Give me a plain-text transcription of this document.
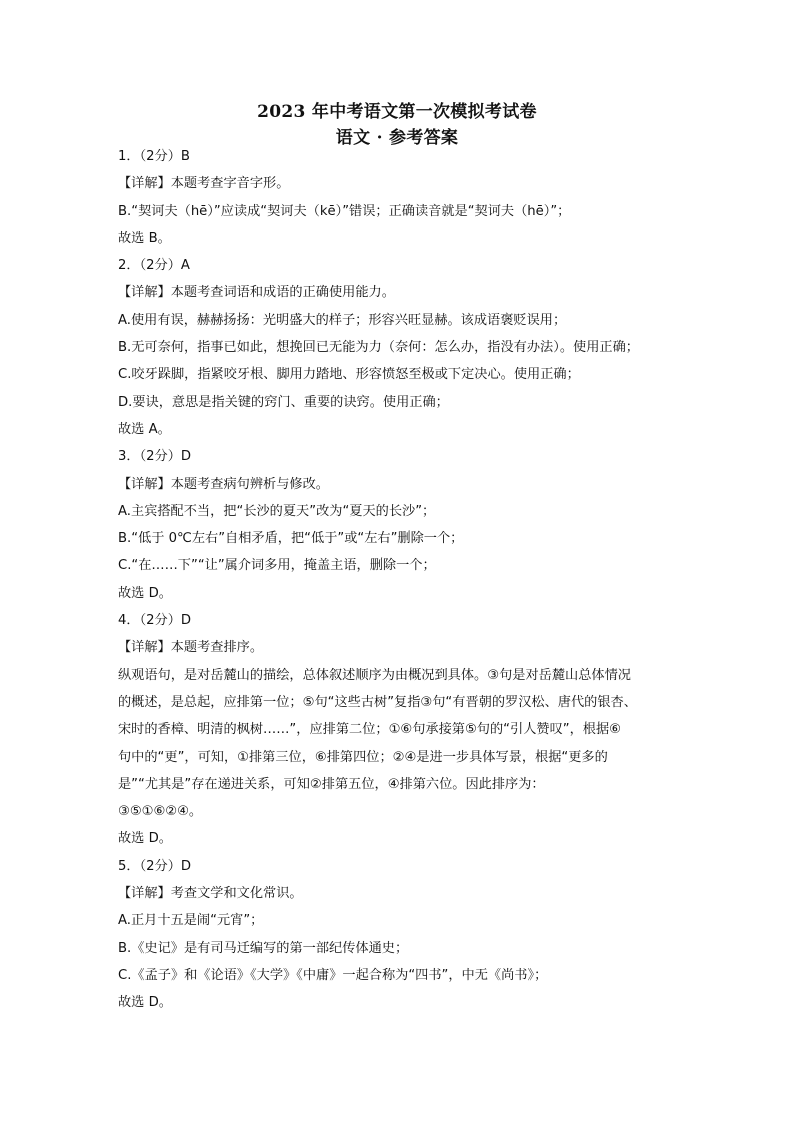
2023 年中考语文第一次模拟考试卷
语文 · 参考答案
1．（2分）B
【详解】本题考查字音字形。
B.“契诃夫（hē）”应读成“契诃夫（kē）”错误；正确读音就是“契诃夫（hē）”；
故选 B。
2．（2分）A
【详解】本题考查词语和成语的正确使用能力。
A.使用有误，赫赫扬扬：光明盛大的样子；形容兴旺显赫。该成语褒贬误用；
B.无可奈何，指事已如此，想挽回已无能为力（奈何：怎么办，指没有办法）。使用正确；
C.咬牙跺脚，指紧咬牙根、脚用力踏地、形容愤怒至极或下定决心。使用正确；
D.要诀，意思是指关键的窍门、重要的诀窍。使用正确；
故选 A。
3．（2分）D
【详解】本题考查病句辨析与修改。
A.主宾搭配不当，把“长沙的夏天”改为“夏天的长沙”；
B.“低于 0℃左右”自相矛盾，把“低于”或“左右”删除一个；
C.“在……下”“让”属介词多用，掩盖主语，删除一个；
故选 D。
4．（2分）D
【详解】本题考查排序。
纵观语句，是对岳麓山的描绘，总体叙述顺序为由概况到具体。③句是对岳麓山总体情况
的概述，是总起，应排第一位；⑤句“这些古树”复指③句“有晋朝的罗汉松、唐代的银杏、
宋时的香樟、明清的枫树……”，应排第二位；①⑥句承接第⑤句的“引人赞叹”，根据⑥
句中的“更”，可知，①排第三位，⑥排第四位；②④是进一步具体写景，根据“更多的
是”“尤其是”存在递进关系，可知②排第五位，④排第六位。因此排序为：
③⑤①⑥②④。
故选 D。
5．（2分）D
【详解】考查文学和文化常识。
A.正月十五是闹“元宵”；
B.《史记》是有司马迁编写的第一部纪传体通史；
C.《孟子》和《论语》《大学》《中庸》一起合称为“四书”，中无《尚书》；
故选 D。
